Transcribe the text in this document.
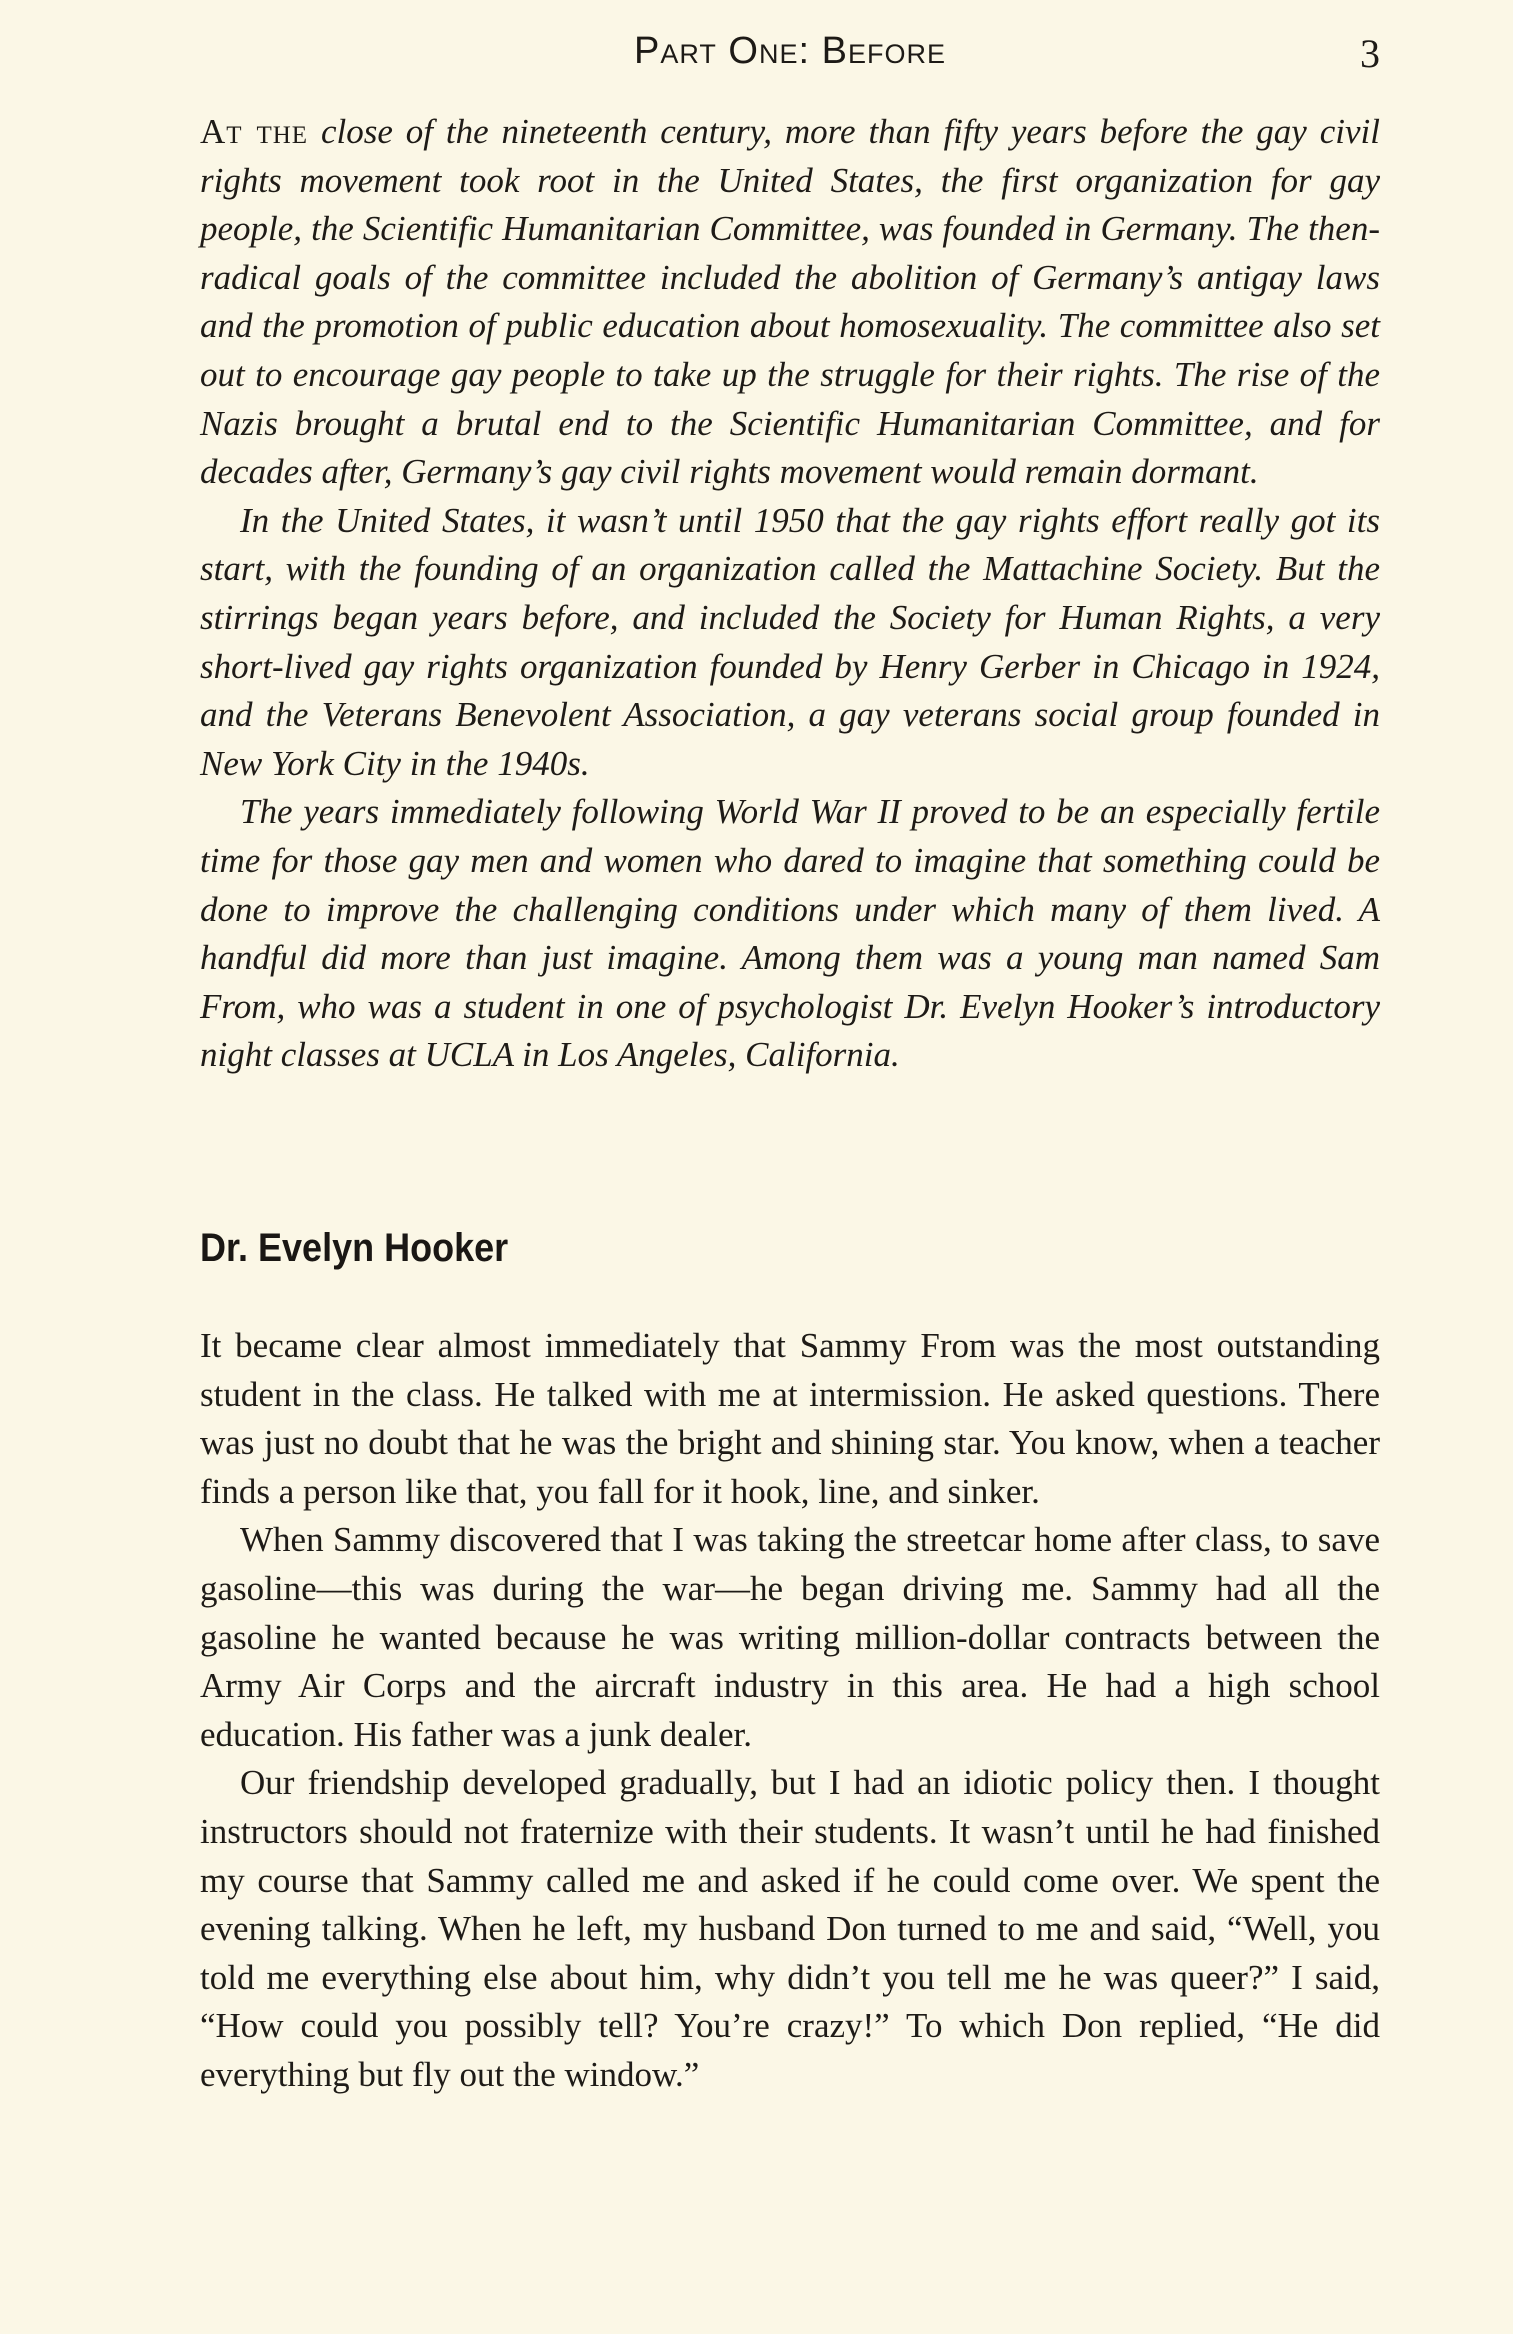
Part One: Before	3

At the close of the nineteenth century, more than fifty years before the gay civil rights movement took root in the United States, the first organization for gay people, the Scientific Humanitarian Committee, was founded in Germany. The then-radical goals of the committee included the abolition of Germany’s antigay laws and the promotion of public education about homosexuality. The committee also set out to encourage gay people to take up the struggle for their rights. The rise of the Nazis brought a brutal end to the Scientific Humanitarian Committee, and for decades after, Germany’s gay civil rights movement would remain dormant.

In the United States, it wasn’t until 1950 that the gay rights effort really got its start, with the founding of an organization called the Mattachine Society. But the stirrings began years before, and included the Society for Human Rights, a very short-lived gay rights organization founded by Henry Gerber in Chicago in 1924, and the Veterans Benevolent Association, a gay veterans social group founded in New York City in the 1940s.

The years immediately following World War II proved to be an especially fertile time for those gay men and women who dared to imagine that something could be done to improve the challenging conditions under which many of them lived. A handful did more than just imagine. Among them was a young man named Sam From, who was a student in one of psychologist Dr. Evelyn Hooker’s introductory night classes at UCLA in Los Angeles, California.

Dr. Evelyn Hooker

It became clear almost immediately that Sammy From was the most outstanding student in the class. He talked with me at intermission. He asked questions. There was just no doubt that he was the bright and shining star. You know, when a teacher finds a person like that, you fall for it hook, line, and sinker.

When Sammy discovered that I was taking the streetcar home after class, to save gasoline—this was during the war—he began driving me. Sammy had all the gasoline he wanted because he was writing million-dollar contracts between the Army Air Corps and the aircraft industry in this area. He had a high school education. His father was a junk dealer.

Our friendship developed gradually, but I had an idiotic policy then. I thought instructors should not fraternize with their students. It wasn’t until he had finished my course that Sammy called me and asked if he could come over. We spent the evening talking. When he left, my husband Don turned to me and said, “Well, you told me everything else about him, why didn’t you tell me he was queer?” I said, “How could you possibly tell? You’re crazy!” To which Don replied, “He did everything but fly out the window.”
